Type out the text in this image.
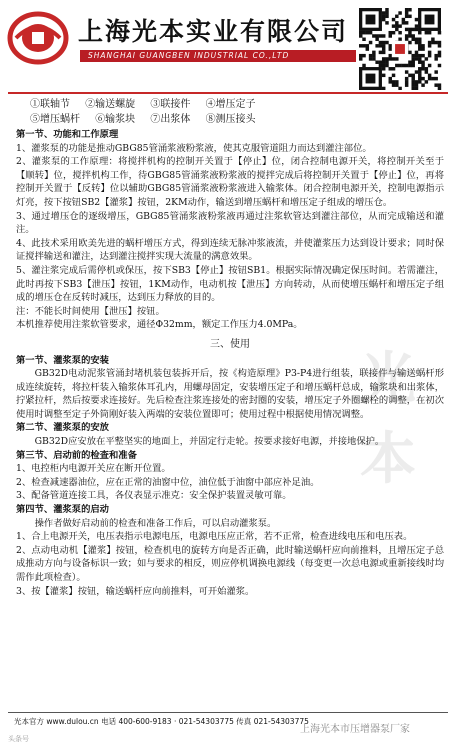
上海光本实业有限公司
SHANGHAI GUANGBEN INDUSTRIAL CO.,LTD
①联轴节 ②输送螺旋 ③联接件 ④增压定子
⑤增压蜗杆 ⑥输浆块 ⑦出浆体 ⑧测压接头
光本

第一节、功能和工作原理

1、灌浆泵的功能是推动GBG85管涌浆液粉浆液，使其克服管道阻力而达到灌注部位。

2、灌浆泵的工作原理：将搅拌机构的控制开关置于【停止】位，闭合控制电源开关，将控制开关至于【顺转】位，搅拌机构工作，待GBG85管涌浆液粉浆液的搅拌完成后将控制开关置于【停止】位，再将控制开关置于【反转】位以辅助GBG85管涌浆液粉浆液进入输浆体。闭合控制电源开关，控制电源指示灯亮，按下按钮SB2【灌浆】按钮，2KM动作，输送到增压蜗杆和增压定子组成的增压仓。

3、通过增压仓的逐级增压，GBG85管涌浆液粉浆液再通过注浆软管达到灌注部位，从而完成输送和灌注。

4、此技术采用欧美先进的蜗杆增压方式，得到连续无脉冲浆液流，并使灌浆压力达到设计要求；同时保证搅拌输送和灌注，达到灌注搅拌实现大流量的满意效果。

5、灌注浆完成后需停机或保压，按下SB3【停止】按钮SB1。根据实际情况确定保压时间。若需灌注，此时再按下SB3【泄压】按钮，1KM动作，电动机按【泄压】方向转动，从而使增压蜗杆和增压定子组成的增压仓在反转时减压，达到压力释放的目的。

注：不能长时间使用【泄压】按钮。

本机推荐使用注浆软管要求，通径Φ32mm，额定工作压力4.0MPa。

三、使用

第一节、灌浆泵的安装

GB32D电动泥浆管涌封堵机装包装拆开后，按《构造原理》P3-P4进行组装，联接件与输送蜗杆形成连续旋转，将拉杆装入输浆体耳孔内，用螺母固定，安装增压定子和增压蜗杆总成，输浆块和出浆体，拧紧拉杆，然后按要求连接好。先后检查注浆连接处的密封圈的安装，增压定子外圈螺栓的调整，在初次使用时调整至定子外筒刚好装入两端的安装位置即可；使用过程中根据使用情况调整。

第二节、灌浆泵的安放

GB32D应安放在平整坚实的地面上，并固定行走轮。按要求接好电源，并接地保护。

第三节、启动前的检查和准备

1、电控柜内电源开关应在断开位置。

2、检查减速器油位，应在正常的油窗中位，油位低于油窗中部应补足油。

3、配备管道连接工具，各仪表显示准克：安全保护装置灵敏可靠。

第四节、灌浆泵的启动

操作者做好启动前的检查和准备工作后，可以启动灌浆泵。

1、合上电源开关，电压表指示电源电压，电源电压应正常，若不正常，检查进线电压和电压表。

2、点动电动机【灌浆】按钮，检查机电的旋转方向是否正确，此时输送蜗杆应向前推料，且增压定子总成推动方向与设备标识一致；如与要求的相反，则应停机调换电源线（每变更一次总电源或重新接线时均需作此项检查）。

3、按【灌浆】按钮，输送蜗杆应向前推料，可开始灌浆。

光本官方 www.dulou.cn 电话 400-600-9183 · 021-54303775 传真 021-54303775
头条号
上海光本市压增器泵厂家
